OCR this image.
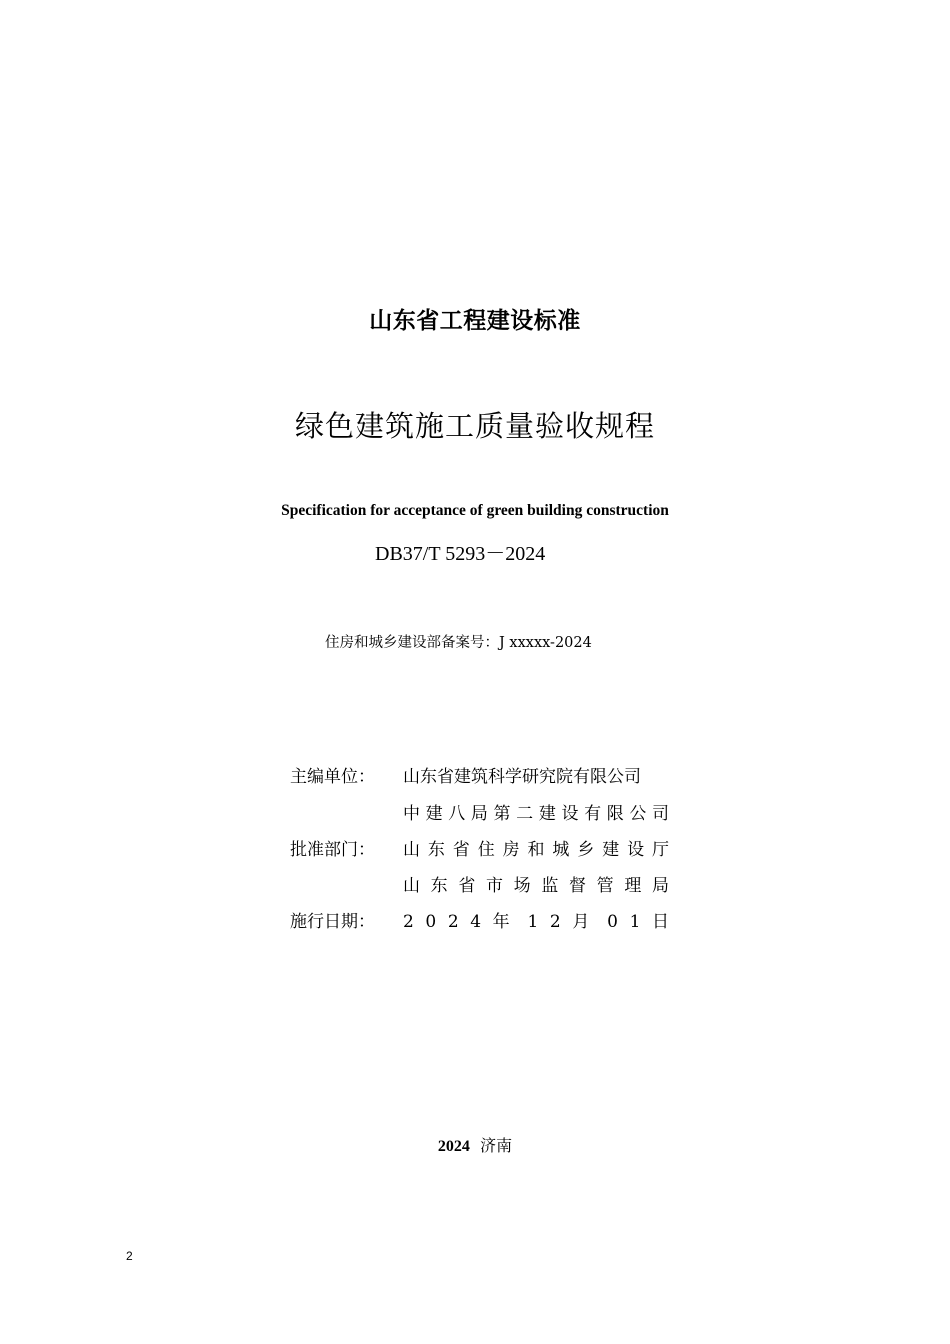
山东省工程建设标准
绿色建筑施工质量验收规程
Specification for acceptance of green building construction
DB37/T 5293－2024
住房和城乡建设部备案号：J xxxxx-2024
主编单位：	山东省建筑科学研究院有限公司
中建八局第二建设有限公司
批准部门：	山东省住房和城乡建设厅
山东省市场监督管理局
施行日期：	2 0 2 4 年 1 2 月 0 1 日
2024 济南
2
